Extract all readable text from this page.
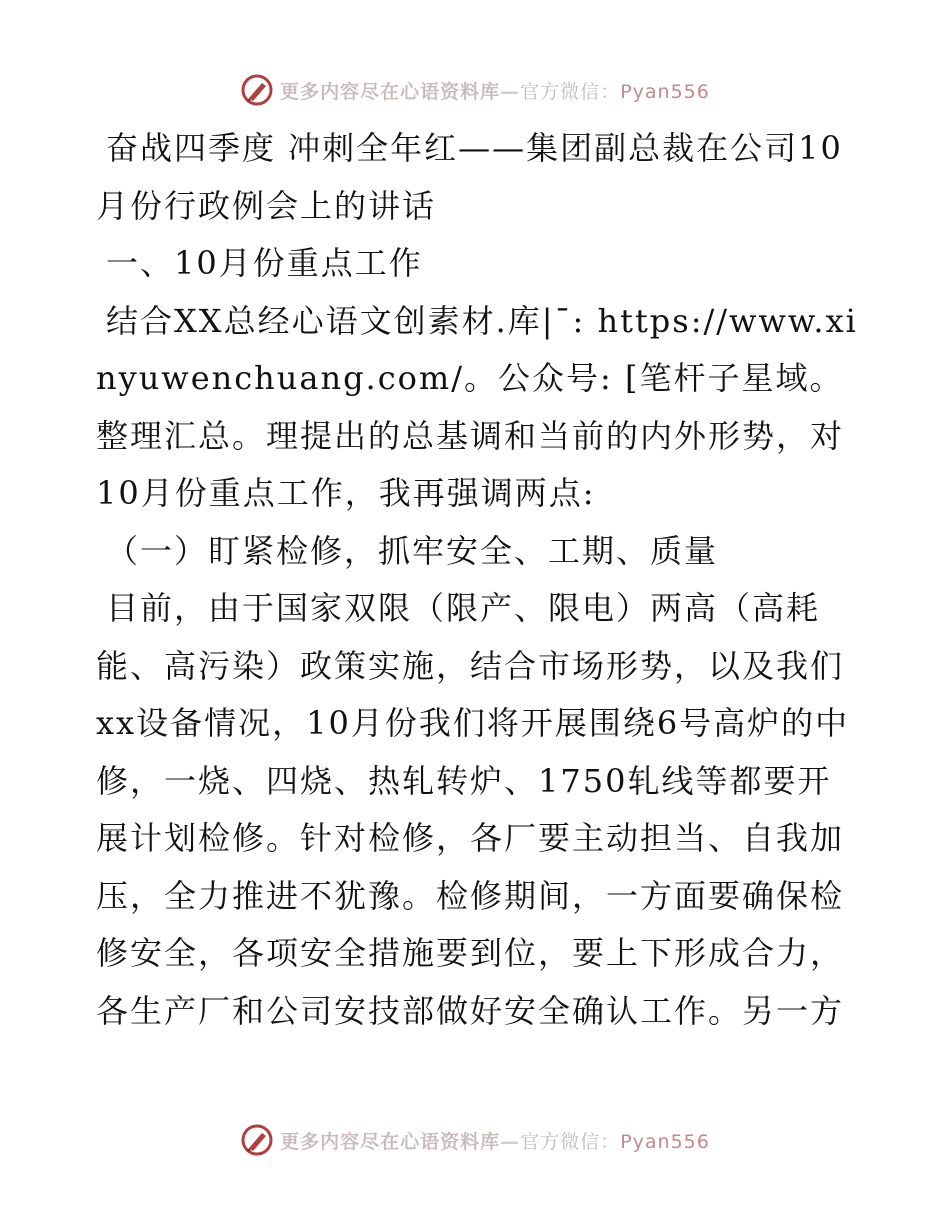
更多内容尽在心语资料库—官方微信：Pyan556

奋战四季度 冲刺全年红——集团副总裁在公司10月份行政例会上的讲话

一、10月份重点工作

结合XX总经心语文创素材.库|¯: https://www.xinyuwenchuang.com/。公众号: [笔杆子星域。整理汇总。理提出的总基调和当前的内外形势，对10月份重点工作，我再强调两点:

（一）盯紧检修，抓牢安全、工期、质量

目前，由于国家双限（限产、限电）两高（高耗能、高污染）政策实施，结合市场形势，以及我们xx设备情况，10月份我们将开展围绕6号高炉的中修，一烧、四烧、热轧转炉、1750轧线等都要开展计划检修。针对检修，各厂要主动担当、自我加压，全力推进不犹豫。检修期间，一方面要确保检修安全，各项安全措施要到位，要上下形成合力，各生产厂和公司安技部做好安全确认工作。另一方

更多内容尽在心语资料库—官方微信：Pyan556
